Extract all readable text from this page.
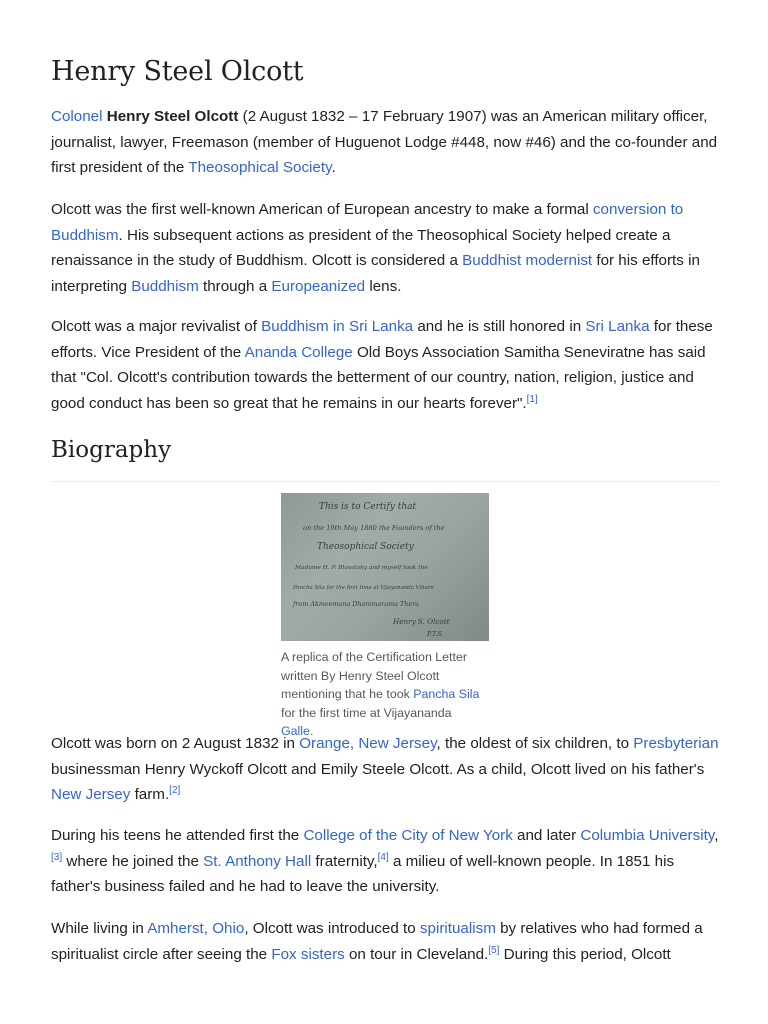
Henry Steel Olcott

Colonel Henry Steel Olcott (2 August 1832 – 17 February 1907) was an American military officer, journalist, lawyer, Freemason (member of Huguenot Lodge #448, now #46) and the co-founder and first president of the Theosophical Society.

Olcott was the first well-known American of European ancestry to make a formal conversion to Buddhism. His subsequent actions as president of the Theosophical Society helped create a renaissance in the study of Buddhism. Olcott is considered a Buddhist modernist for his efforts in interpreting Buddhism through a Europeanized lens.

Olcott was a major revivalist of Buddhism in Sri Lanka and he is still honored in Sri Lanka for these efforts. Vice President of the Ananda College Old Boys Association Samitha Seneviratne has said that "Col. Olcott's contribution towards the betterment of our country, nation, religion, justice and good conduct has been so great that he remains in our hearts forever".[1]

Biography
This is to Certify that
on the 19th May 1880 the Founders of the
Theosophical Society
Madame H. P. Blavatsky and myself took the
Pancha Sila for the first time at Vijayananda Vihare
from Akmeemana Dhammarama Thera
Henry S. Olcott
P.T.S.
A replica of the Certification Letter written By Henry Steel Olcott mentioning that he took Pancha Sila for the first time at Vijayananda Galle.

Olcott was born on 2 August 1832 in Orange, New Jersey, the oldest of six children, to Presbyterian businessman Henry Wyckoff Olcott and Emily Steele Olcott. As a child, Olcott lived on his father's New Jersey farm.[2]

During his teens he attended first the College of the City of New York and later Columbia University,[3] where he joined the St. Anthony Hall fraternity,[4] a milieu of well-known people. In 1851 his father's business failed and he had to leave the university.

While living in Amherst, Ohio, Olcott was introduced to spiritualism by relatives who had formed a spiritualist circle after seeing the Fox sisters on tour in Cleveland.[5] During this period, Olcott
